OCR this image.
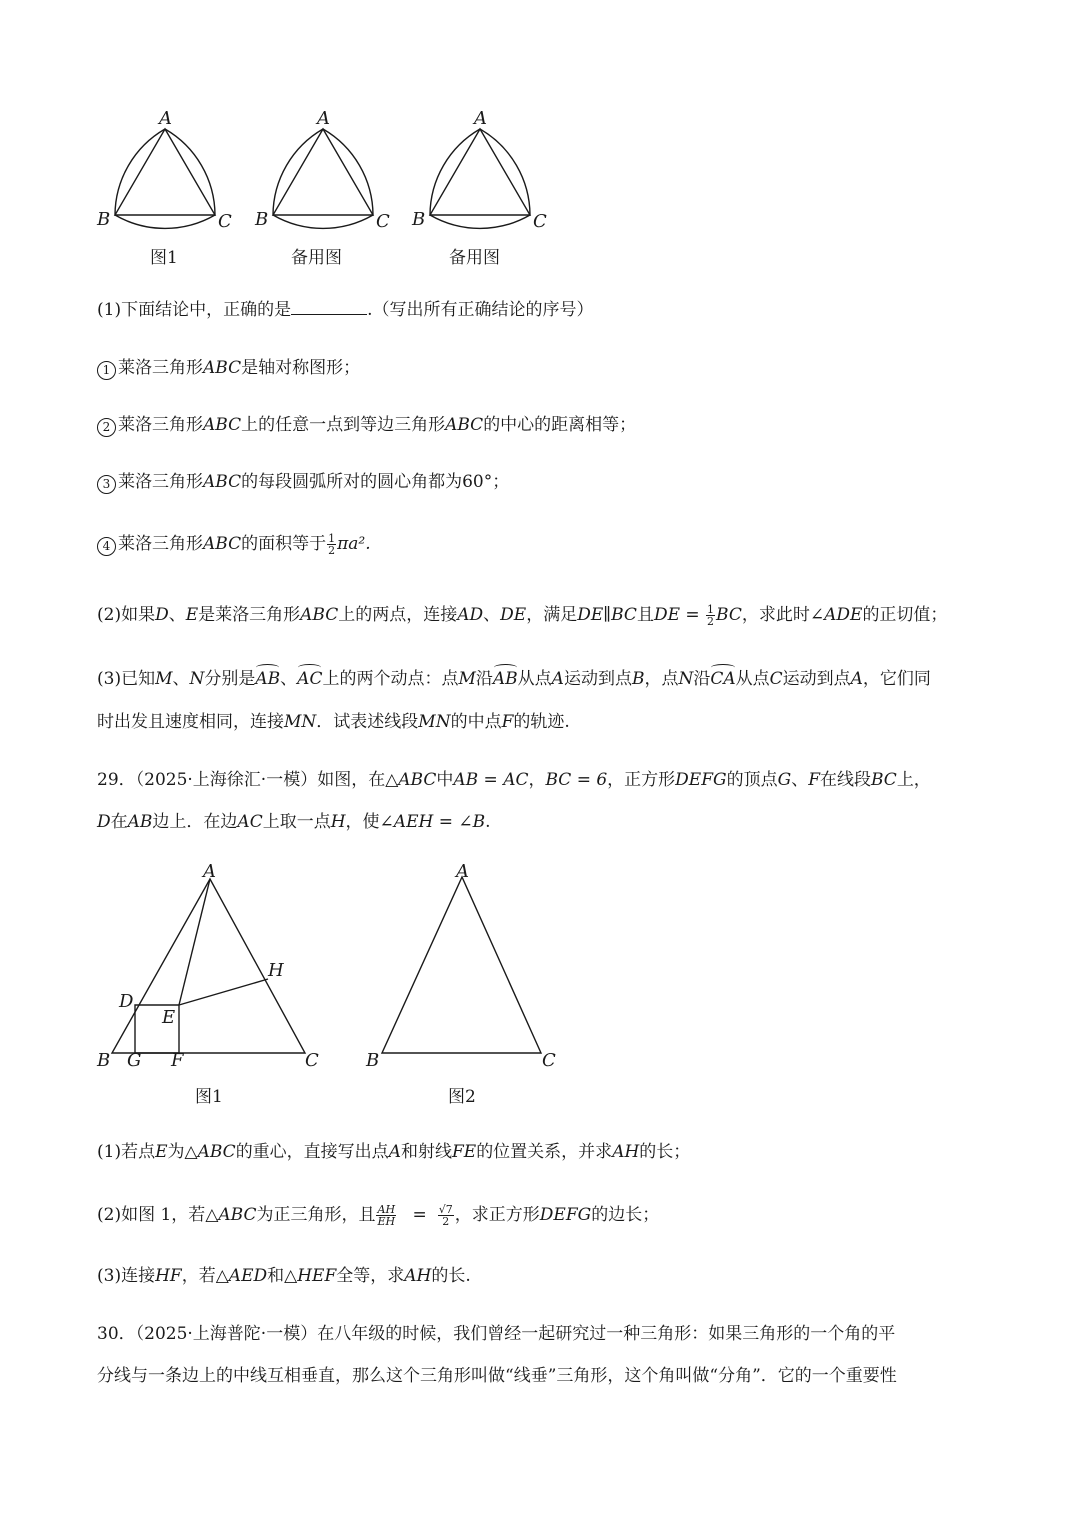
A
B	C
A
B	C
A
B	C
图1	备用图	备用图
(1)下面结论中，正确的是	.（写出所有正确结论的序号）
1 莱洛三角形ABC是轴对称图形；
2 莱洛三角形ABC上的任意一点到等边三角形ABC的中心的距离相等；
3 莱洛三角形ABC的每段圆弧所对的圆心角都为60°；
4 莱洛三角形ABC的面积等于 $\frac{1}{2} \pi a^2$.
(2)如果D、E是莱洛三角形ABC上的两点，连接AD、DE，满足DE∥BC且DE = $\frac{1}{2}$ BC，求此时∠ADE的正切值；
(3)已知M、N分别是AB、AC上的两个动点：点M沿AB从点A运动到点B，点N沿CA从点C运动到点A，它们同
时出发且速度相同，连接MN．试表述线段MN的中点F的轨迹.
29．（2025·上海徐汇·一模）如图，在△ABC中AB = AC，BC = 6，正方形DEFG的顶点G、F在线段BC上，
D在AB边上．在边AC上取一点H，使∠AEH = ∠B.
A
H
D
E
B G F	C
A
B	C
图1	图2
(1)若点E为△ABC的重心，直接写出点A和射线FE的位置关系，并求AH的长；
(2)如图 1，若△ABC为正三角形，且 $\frac{AH}{EH} = \frac{√7}{2}$ ，求正方形DEFG的边长；
(3)连接HF，若△AED和△HEF全等，求AH的长.
30．（2025·上海普陀·一模）在八年级的时候，我们曾经一起研究过一种三角形：如果三角形的一个角的平
分线与一条边上的中线互相垂直，那么这个三角形叫做“线垂”三角形，这个角叫做“分角”．它的一个重要性
